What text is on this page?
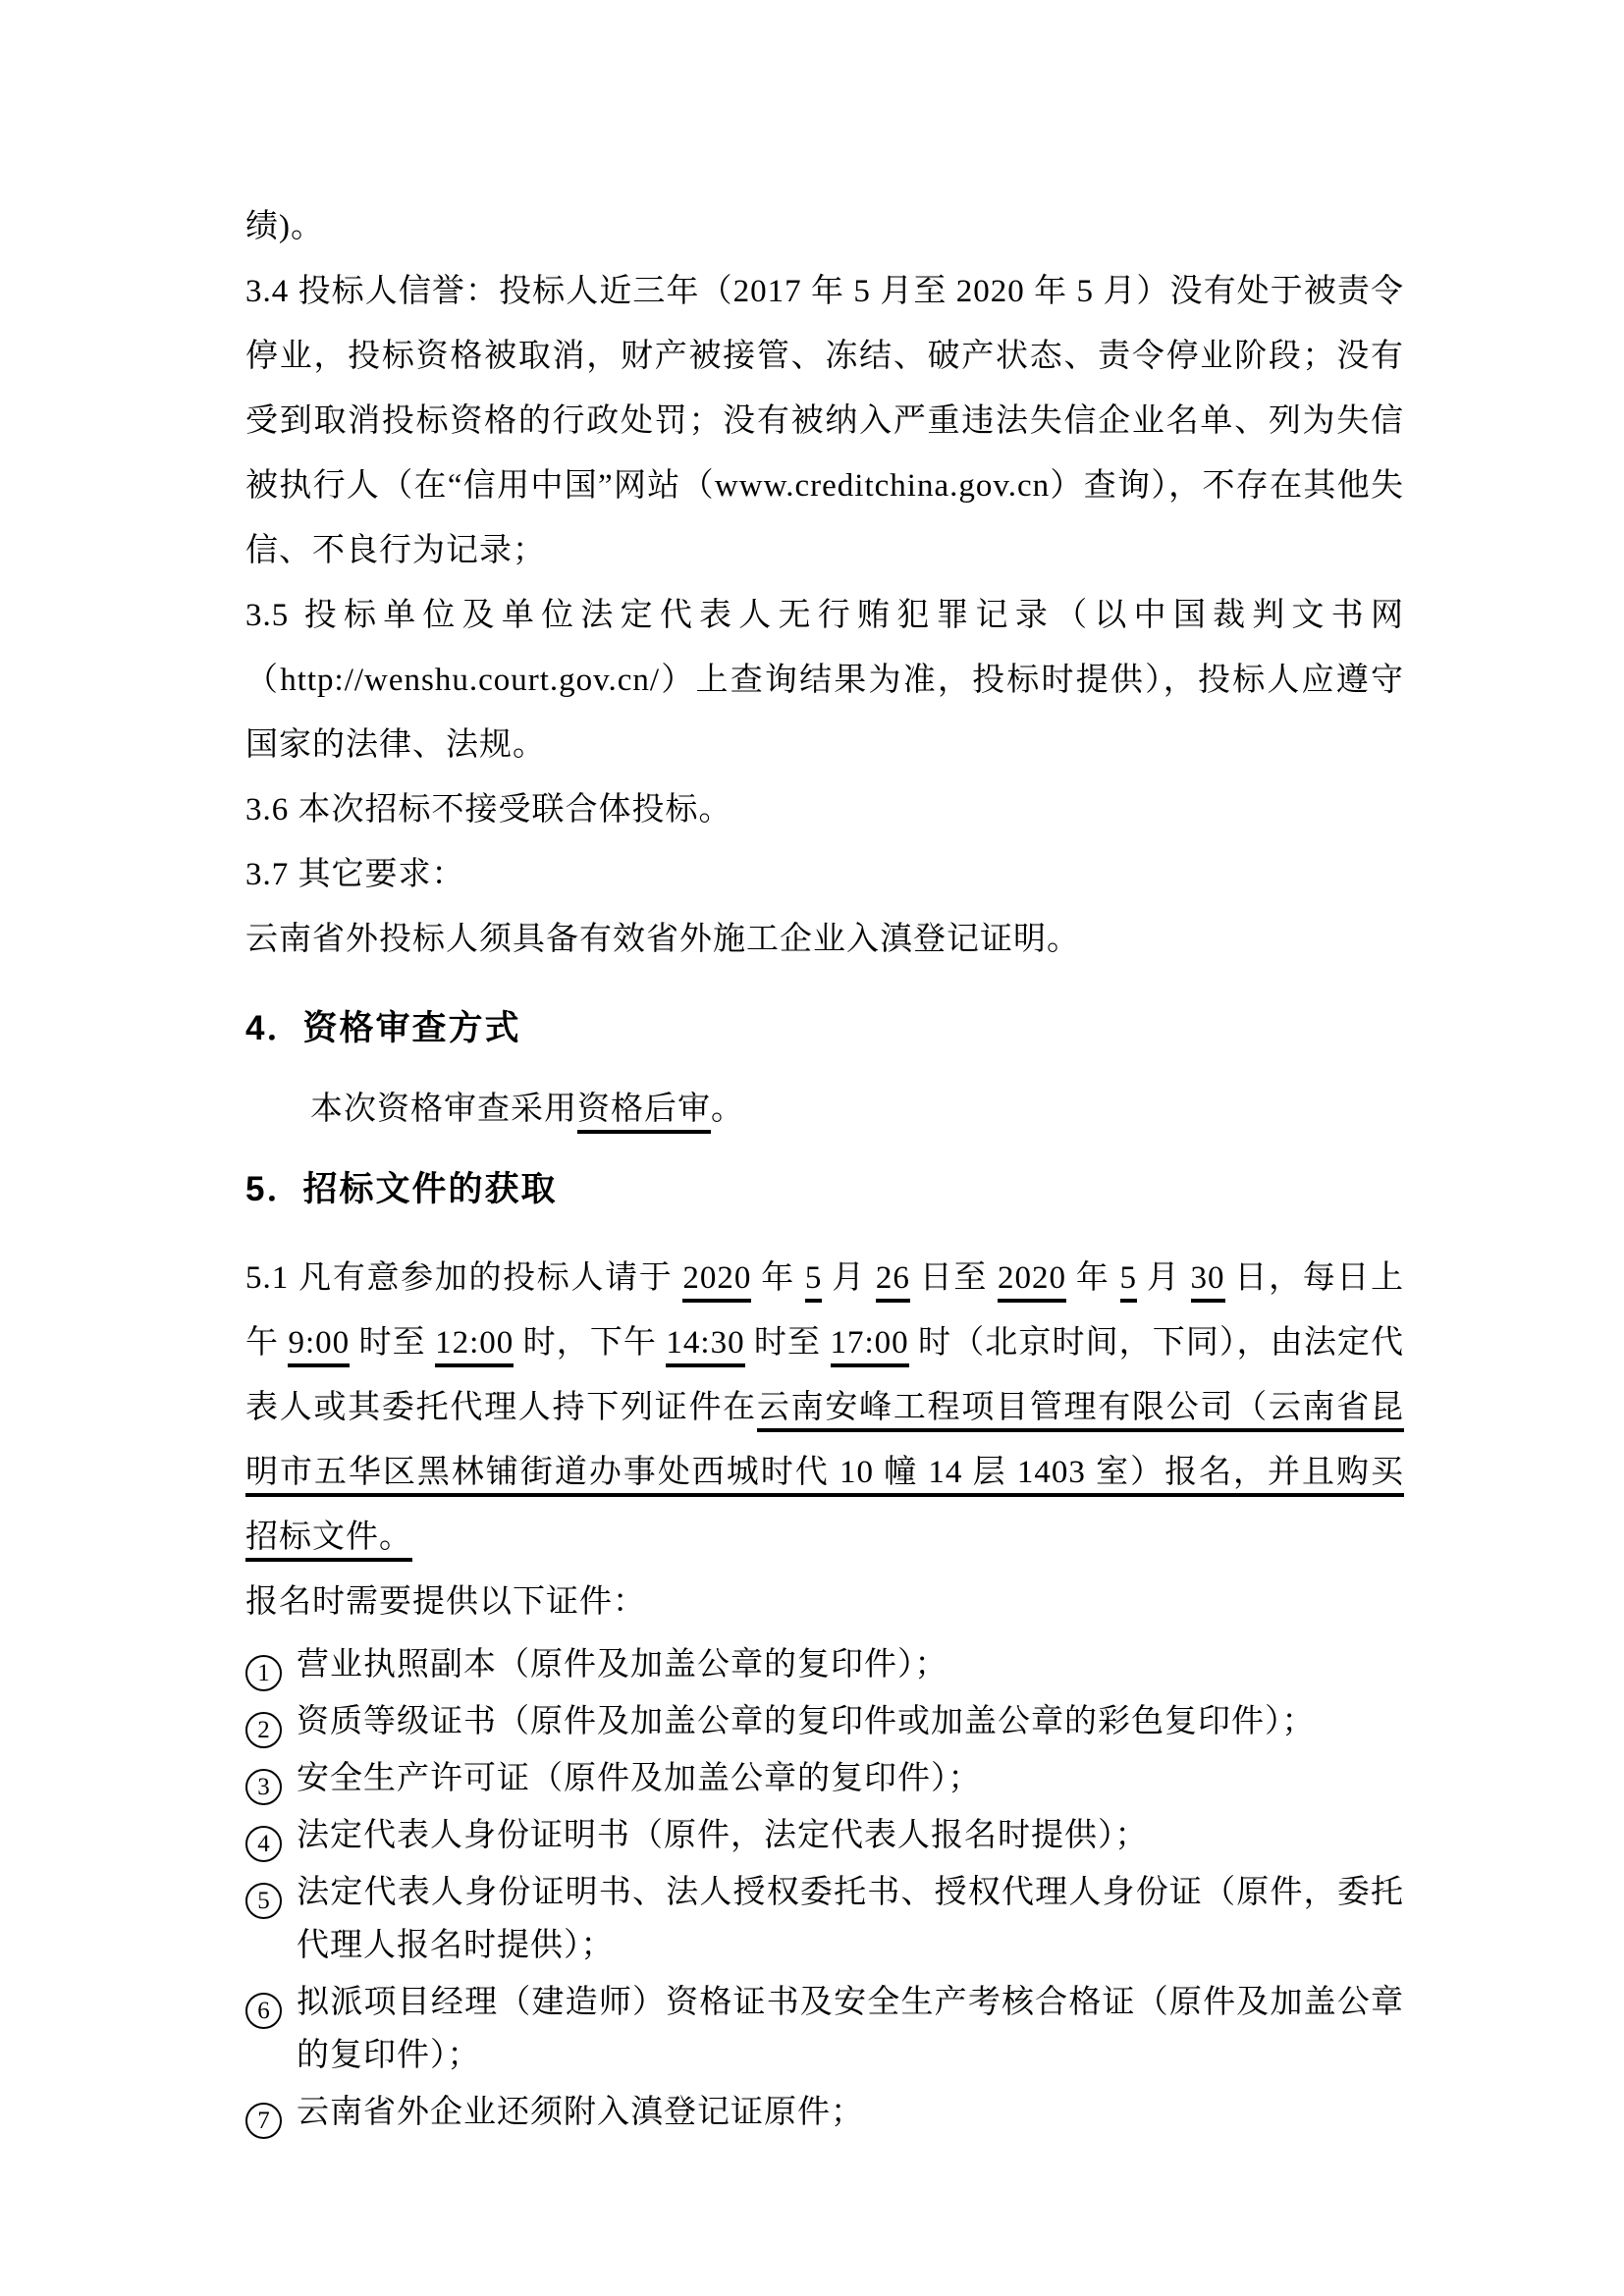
绩)。

3.4 投标人信誉：投标人近三年（2017 年 5 月至 2020 年 5 月）没有处于被责令停业，投标资格被取消，财产被接管、冻结、破产状态、责令停业阶段；没有受到取消投标资格的行政处罚；没有被纳入严重违法失信企业名单、列为失信被执行人（在“信用中国”网站（www.creditchina.gov.cn）查询），不存在其他失信、不良行为记录；

3.5 投标单位及单位法定代表人无行贿犯罪记录（以中国裁判文书网（http://wenshu.court.gov.cn/）上查询结果为准，投标时提供），投标人应遵守国家的法律、法规。

3.6 本次招标不接受联合体投标。

3.7 其它要求：

云南省外投标人须具备有效省外施工企业入滇登记证明。

4．资格审查方式

本次资格审查采用资格后审。

5．招标文件的获取

5.1 凡有意参加的投标人请于 2020 年 5 月 26 日至 2020 年 5 月 30 日，每日上午 9:00 时至 12:00 时，下午 14:30 时至 17:00 时（北京时间，下同），由法定代表人或其委托代理人持下列证件在云南安峰工程项目管理有限公司（云南省昆明市五华区黑林铺街道办事处西城时代 10 幢 14 层 1403 室）报名，并且购买招标文件。

报名时需要提供以下证件：

1 营业执照副本（原件及加盖公章的复印件）；
2 资质等级证书（原件及加盖公章的复印件或加盖公章的彩色复印件）；
3 安全生产许可证（原件及加盖公章的复印件）；
4 法定代表人身份证明书（原件，法定代表人报名时提供）；
5 法定代表人身份证明书、法人授权委托书、授权代理人身份证（原件，委托代理人报名时提供）；
6 拟派项目经理（建造师）资格证书及安全生产考核合格证（原件及加盖公章的复印件）；
7 云南省外企业还须附入滇登记证原件；
